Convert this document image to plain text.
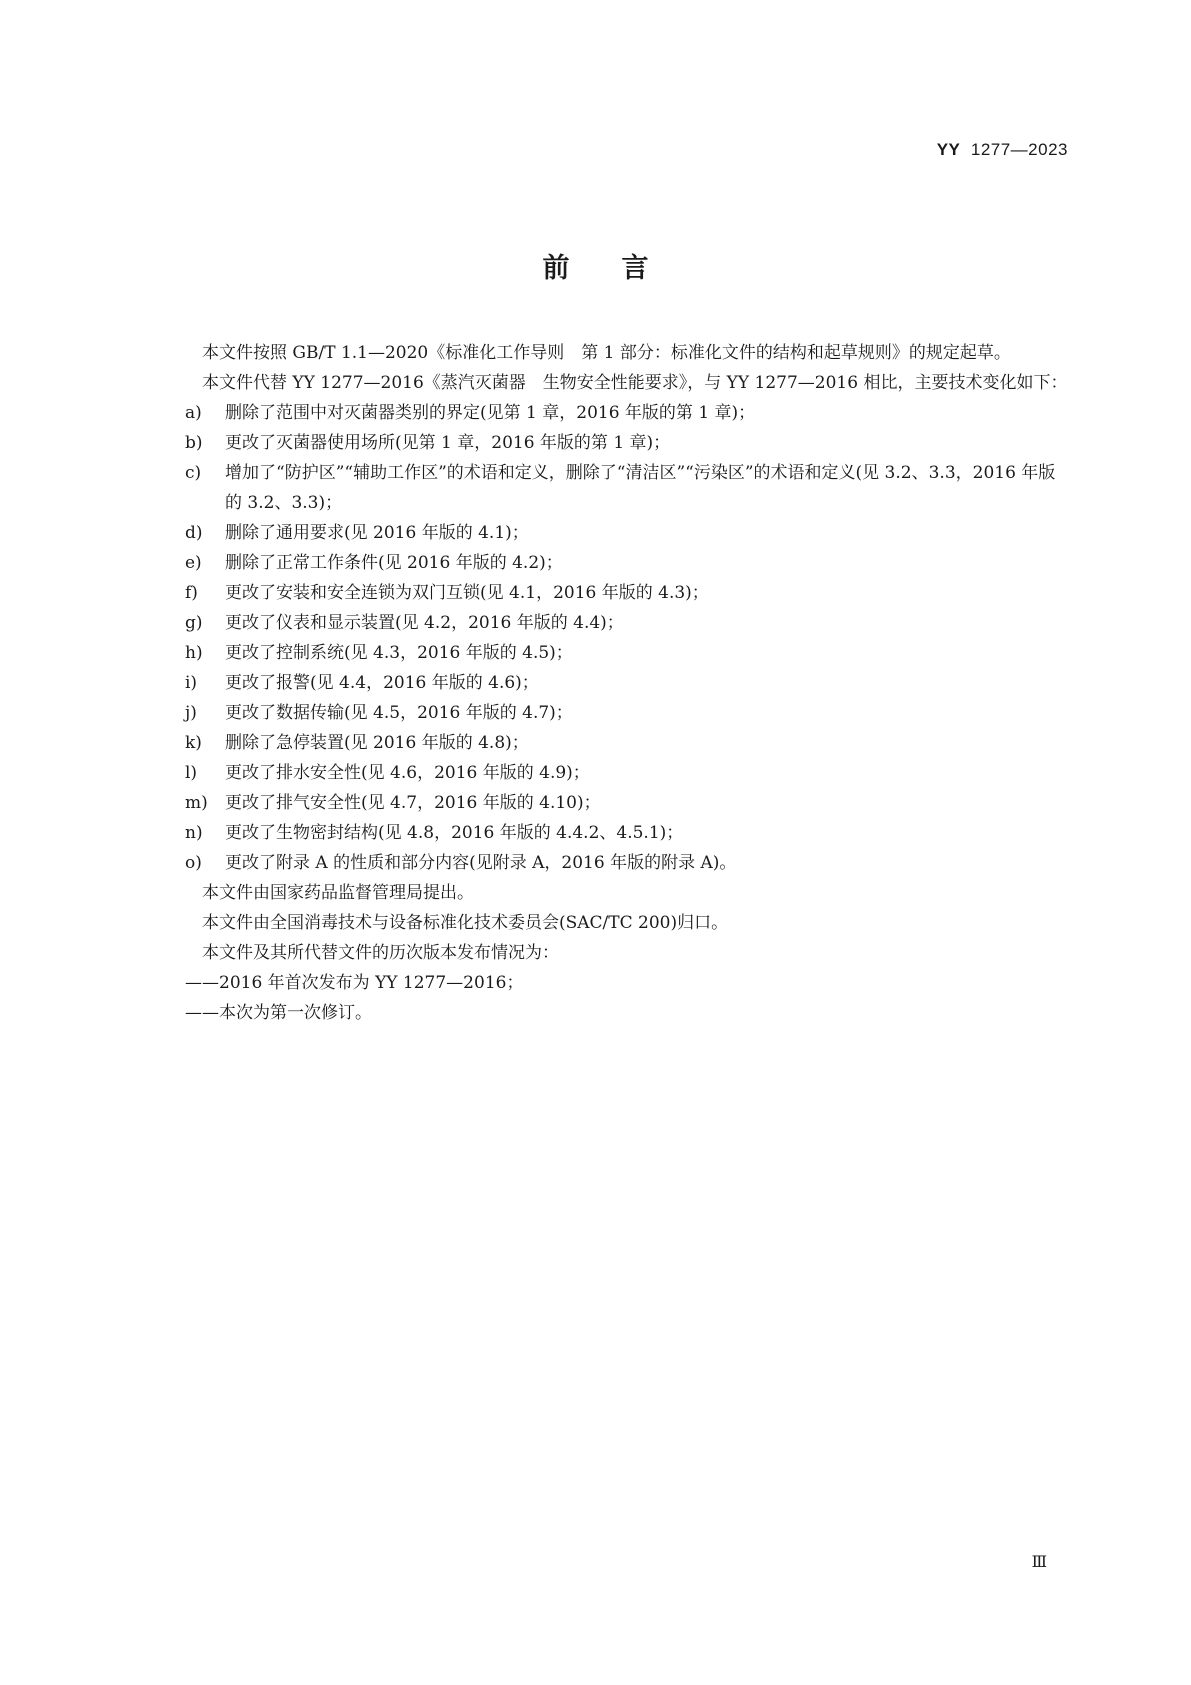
YY 1277—2023
前言

本文件按照 GB/T 1.1—2020《标准化工作导则　第 1 部分：标准化文件的结构和起草规则》的规定起草。

本文件代替 YY 1277—2016《蒸汽灭菌器　生物安全性能要求》，与 YY 1277—2016 相比，主要技术变化如下：

a) 删除了范围中对灭菌器类别的界定(见第 1 章，2016 年版的第 1 章)；

b) 更改了灭菌器使用场所(见第 1 章，2016 年版的第 1 章)；

c) 增加了“防护区”“辅助工作区”的术语和定义，删除了“清洁区”“污染区”的术语和定义(见 3.2、3.3，2016 年版的 3.2、3.3)；

d) 删除了通用要求(见 2016 年版的 4.1)；

e) 删除了正常工作条件(见 2016 年版的 4.2)；

f) 更改了安装和安全连锁为双门互锁(见 4.1，2016 年版的 4.3)；

g) 更改了仪表和显示装置(见 4.2，2016 年版的 4.4)；

h) 更改了控制系统(见 4.3，2016 年版的 4.5)；

i) 更改了报警(见 4.4，2016 年版的 4.6)；

j) 更改了数据传输(见 4.5，2016 年版的 4.7)；

k) 删除了急停装置(见 2016 年版的 4.8)；

l) 更改了排水安全性(见 4.6，2016 年版的 4.9)；

m) 更改了排气安全性(见 4.7，2016 年版的 4.10)；

n) 更改了生物密封结构(见 4.8，2016 年版的 4.4.2、4.5.1)；

o) 更改了附录 A 的性质和部分内容(见附录 A，2016 年版的附录 A)。

本文件由国家药品监督管理局提出。

本文件由全国消毒技术与设备标准化技术委员会(SAC/TC 200)归口。

本文件及其所代替文件的历次版本发布情况为：

——2016 年首次发布为 YY 1277—2016；

——本次为第一次修订。

Ⅲ
